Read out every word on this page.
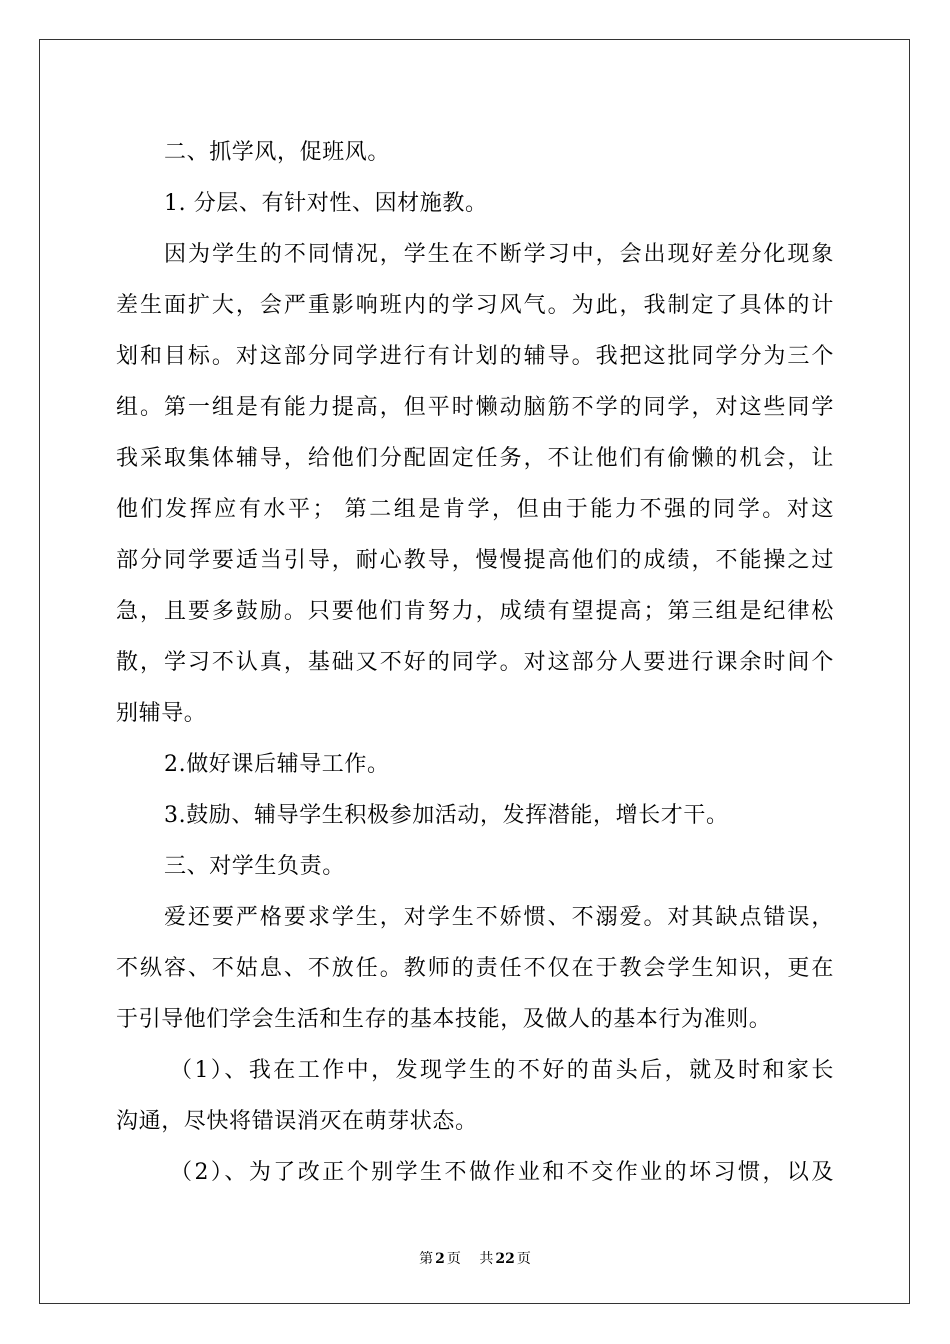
二、抓学风，促班风。
1. 分层、有针对性、因材施教。
因为学生的不同情况，学生在不断学习中，会出现好差分化现象
差生面扩大，会严重影响班内的学习风气。为此，我制定了具体的计
划和目标。对这部分同学进行有计划的辅导。我把这批同学分为三个
组。第一组是有能力提高，但平时懒动脑筋不学的同学，对这些同学
我采取集体辅导，给他们分配固定任务，不让他们有偷懒的机会，让
他们发挥应有水平； 第二组是肯学，但由于能力不强的同学。对这
部分同学要适当引导，耐心教导，慢慢提高他们的成绩，不能操之过
急，且要多鼓励。只要他们肯努力，成绩有望提高；第三组是纪律松
散，学习不认真，基础又不好的同学。对这部分人要进行课余时间个
别辅导。
2.做好课后辅导工作。
3.鼓励、辅导学生积极参加活动，发挥潜能，增长才干。
三、对学生负责。
爱还要严格要求学生，对学生不娇惯、不溺爱。对其缺点错误，
不纵容、不姑息、不放任。教师的责任不仅在于教会学生知识，更在
于引导他们学会生活和生存的基本技能，及做人的基本行为准则。
（1）、我在工作中，发现学生的不好的苗头后，就及时和家长
沟通，尽快将错误消灭在萌芽状态。
（2）、为了改正个别学生不做作业和不交作业的坏习惯，以及
第 2 页 共 22 页
